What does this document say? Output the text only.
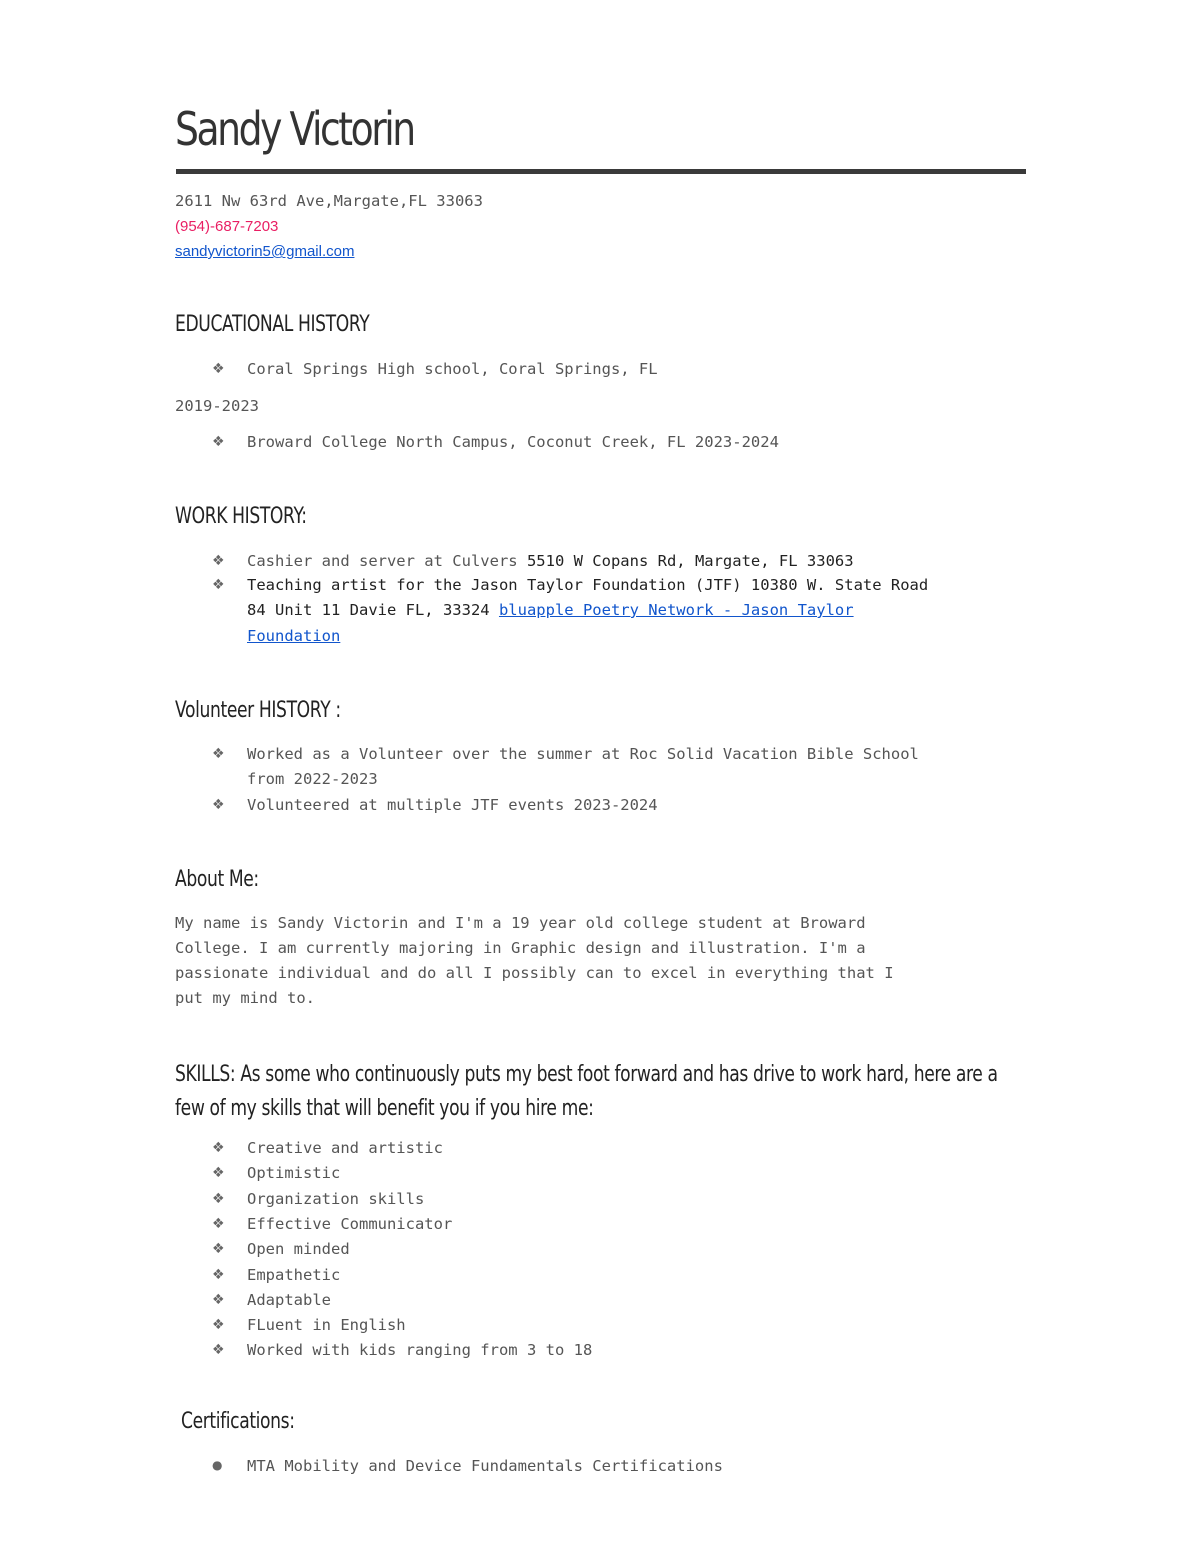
Sandy Victorin
2611 Nw 63rd Ave,Margate,FL 33063
(954)-687-7203
sandyvictorin5@gmail.com
EDUCATIONAL HISTORY
❖ Coral Springs High school, Coral Springs, FL
2019-2023
❖ Broward College North Campus, Coconut Creek, FL 2023-2024
WORK HISTORY:
❖ Cashier and server at Culvers 5510 W Copans Rd, Margate, FL 33063
❖ Teaching artist for the Jason Taylor Foundation (JTF) 10380 W. State Road
84 Unit 11 Davie FL, 33324 bluapple Poetry Network - Jason Taylor
Foundation
Volunteer HISTORY :
❖ Worked as a Volunteer over the summer at Roc Solid Vacation Bible School
from 2022-2023
❖ Volunteered at multiple JTF events 2023-2024
About Me:
My name is Sandy Victorin and I'm a 19 year old college student at Broward
College. I am currently majoring in Graphic design and illustration. I'm a
passionate individual and do all I possibly can to excel in everything that I
put my mind to.
SKILLS: As some who continuously puts my best foot forward and has drive to work hard, here are a few of my skills that will benefit you if you hire me:
❖ Creative and artistic
❖ Optimistic
❖ Organization skills
❖ Effective Communicator
❖ Open minded
❖ Empathetic
❖ Adaptable
❖ FLuent in English
❖ Worked with kids ranging from 3 to 18
Certifications:
● MTA Mobility and Device Fundamentals Certifications
